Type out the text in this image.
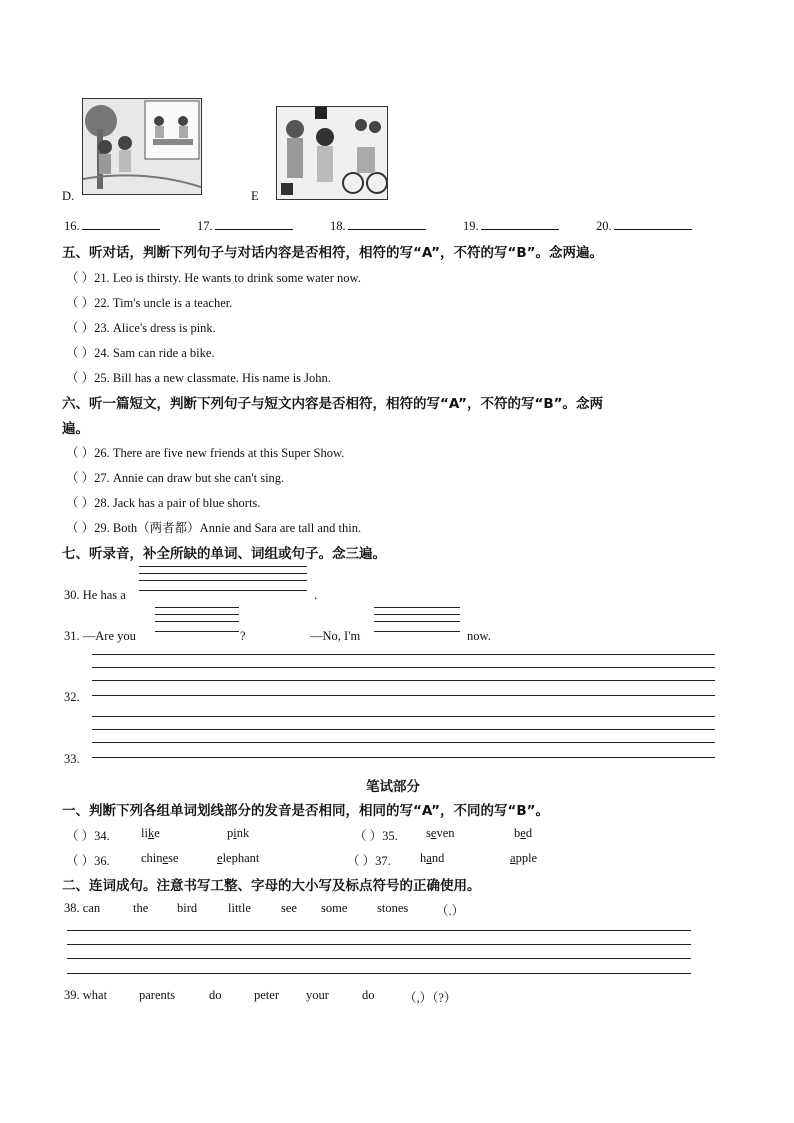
D.	E
16.	17.	18.	19.	20.
五、听对话，判断下列句子与对话内容是否相符，相符的写“A”，不符的写“B”。念两遍。
（ ）21. Leo is thirsty. He wants to drink some water now.
（ ）22. Tim's uncle is a teacher.
（ ）23. Alice's dress is pink.
（ ）24. Sam can ride a bike.
（ ）25. Bill has a new classmate. His name is John.
六、听一篇短文，判断下列句子与短文内容是否相符，相符的写“A”，不符的写“B”。念两
遍。
（ ）26. There are five new friends at this Super Show.
（ ）27. Annie can draw but she can't sing.
（ ）28. Jack has a pair of blue shorts.
（ ）29. Both（两者都）Annie and Sara are tall and thin.
七、听录音，补全所缺的单词、词组或句子。念三遍。
30. He has a	.
31. —Are you	?	—No, I'm	now.
32.
33.
笔试部分
一、判断下列各组单词划线部分的发音是否相同，相同的写“A”，不同的写“B”。
（ ）34. like	pink	（ ）35. seven	bed
（ ）36. chinese	elephant	（ ）37. hand	apple
二、连词成句。注意书写工整、字母的大小写及标点符号的正确使用。
38. can	the bird little see some stones （.）
39. what	parents	do	peter your	do （,）（?）
